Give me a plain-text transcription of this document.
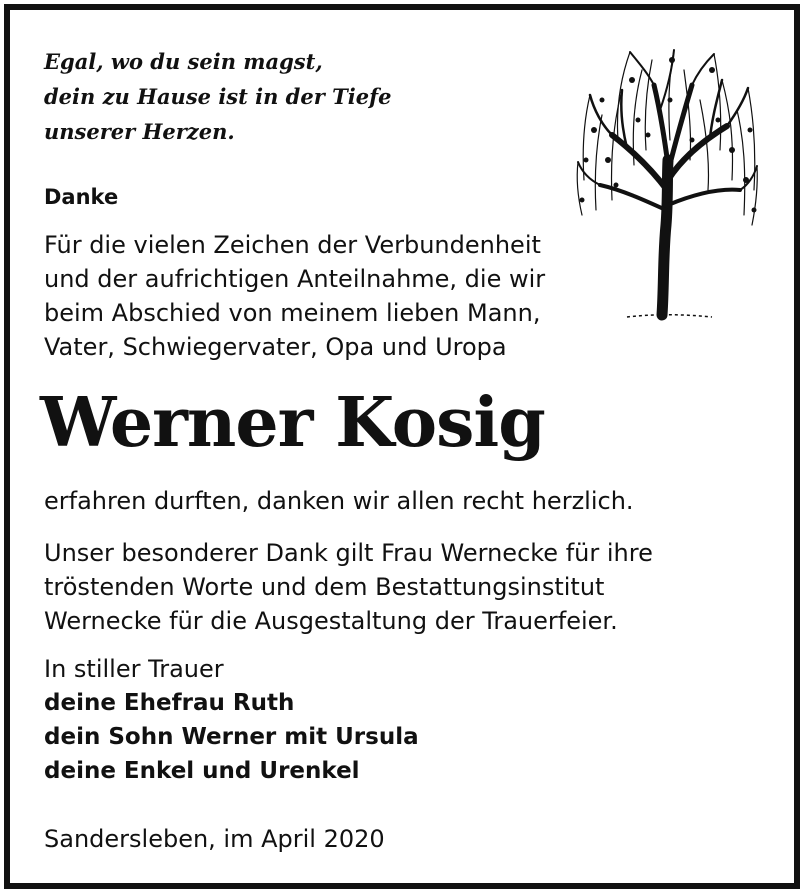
Egal, wo du sein magst,
dein zu Hause ist in der Tiefe
unserer Herzen.

Danke

Für die vielen Zeichen der Verbundenheit
und der aufrichtigen Anteilnahme, die wir
beim Abschied von meinem lieben Mann,
Vater, Schwiegervater, Opa und Uropa

Werner Kosig

erfahren durften, danken wir allen recht herzlich.

Unser besonderer Dank gilt Frau Wernecke für ihre
tröstenden Worte und dem Bestattungsinstitut
Wernecke für die Ausgestaltung der Trauerfeier.

In stiller Trauer

deine Ehefrau Ruth
dein Sohn Werner mit Ursula
deine Enkel und Urenkel

Sandersleben, im April 2020
